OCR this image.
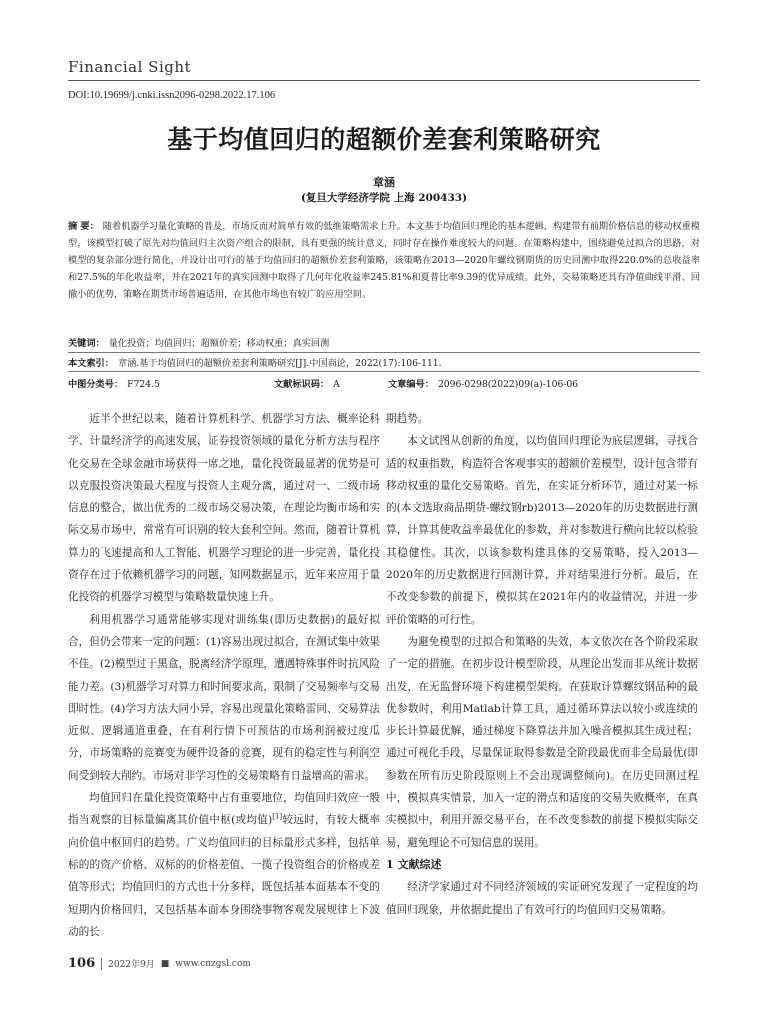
Financial Sight
DOI:10.19699/j.cnki.issn2096-0298.2022.17.106
基于均值回归的超额价差套利策略研究
章涵
(复旦大学经济学院 上海 200433)
摘 要： 随着机器学习量化策略的普及，市场反而对简单有效的低维策略需求上升。本文基于均值回归理论的基本逻辑，构建带有前期价格信息的移动权重模型，该模型打破了原先对均值回归主次资产组合的限制，具有更强的统计意义，同时存在操作难度较大的问题。在策略构建中，围绕避免过拟合的思路，对模型的复杂部分进行简化，并设计出可行的基于均值回归的超额价差套利策略，该策略在2013—2020年螺纹钢期货的历史回测中取得220.0%的总收益率和27.5%的年化收益率，并在2021年的真实回测中取得了几何年化收益率245.81%和夏普比率9.39的优异成绩。此外，交易策略还具有净值曲线平滑、回撤小的优势，策略在期货市场普遍适用，在其他市场也有较广的应用空间。
关键词： 量化投资；均值回归；超额价差；移动权重；真实回测
本文索引： 章涵.基于均值回归的超额价差套利策略研究[J].中国商论，2022(17):106-111.
中图分类号： F724.5	文献标识码： A	文章编号： 2096-0298(2022)09(a)-106-06

近半个世纪以来，随着计算机科学、机器学习方法、概率论科学、计量经济学的高速发展，证券投资领域的量化分析方法与程序化交易在全球金融市场获得一席之地，量化投资最显著的优势是可以克服投资决策最大程度与投资人主观分离，通过对一、二级市场信息的整合，做出优秀的二级市场交易决策，在理论均衡市场和实际交易市场中，常常有可识别的较大套利空间。然而，随着计算机算力的飞速提高和人工智能、机器学习理论的进一步完善，量化投资存在过于依赖机器学习的问题，知网数据显示，近年来应用于量化投资的机器学习模型与策略数量快速上升。

利用机器学习通常能够实现对训练集(即历史数据)的最好拟合，但仍会带来一定的问题：(1)容易出现过拟合，在测试集中效果不佳。(2)模型过于黑盒，脱离经济学原理，遭遇特殊事件时抗风险能力差。(3)机器学习对算力和时间要求高，限制了交易频率与交易即时性。(4)学习方法大同小异，容易出现量化策略雷同、交易算法近似、逻辑通道重叠，在有利行情下可预估的市场利润被过度瓜分，市场策略的竞赛变为硬件设备的竞赛，现有的稳定性与利润空间受到较大削约。市场对非学习性的交易策略有日益增高的需求。

均值回归在量化投资策略中占有重要地位，均值回归效应一般指当观察的目标量偏离其价值中枢(或均值)[1]较远时，有较大概率向价值中枢回归的趋势。广义均值回归的目标量形式多样，包括单标的的资产价格、双标的的价格差值、一揽子投资组合的价格或差值等形式；均值回归的方式也十分多样，既包括基本面基本不变的短期内价格回归，又包括基本面本身围绕事物客观发展规律上下波动的长

期趋势。

本文试图从创新的角度，以均值回归理论为底层逻辑，寻找合适的权重指数，构造符合客观事实的超额价差模型，设计包含带有移动权重的量化交易策略。首先，在实证分析环节，通过对某一标的(本文选取商品期货-螺纹钢rb)2013—2020年的历史数据进行测算，计算其使收益率最优化的参数，并对参数进行横向比较以检验其稳健性。其次，以该参数构建具体的交易策略，投入2013—2020年的历史数据进行回测计算，并对结果进行分析。最后，在不改变参数的前提下，模拟其在2021年内的收益情况，并进一步评价策略的可行性。

为避免模型的过拟合和策略的失效，本文依次在各个阶段采取了一定的措施。在初步设计模型阶段，从理论出发而非从统计数据出发，在无监督环境下构建模型架构。在获取计算螺纹钢品种的最优参数时，利用Matlab计算工具，通过循环算法以较小或连续的步长计算最优解，通过梯度下降算法并加入噪音模拟其生成过程；通过可视化手段，尽量保证取得参数是全阶段最优而非全局最优(即参数在所有历史阶段原则上不会出现调整倾向)。在历史回测过程中，模拟真实情景，加入一定的滑点和适度的交易失败概率，在真实模拟中，利用开源交易平台，在不改变参数的前提下模拟实际交易，避免理论不可知信息的误用。

1 文献综述

经济学家通过对不同经济领域的实证研究发现了一定程度的均值回归现象，并依据此提出了有效可行的均值回归交易策略。

106 2022年9月 ■ www.cnzgsl.com
